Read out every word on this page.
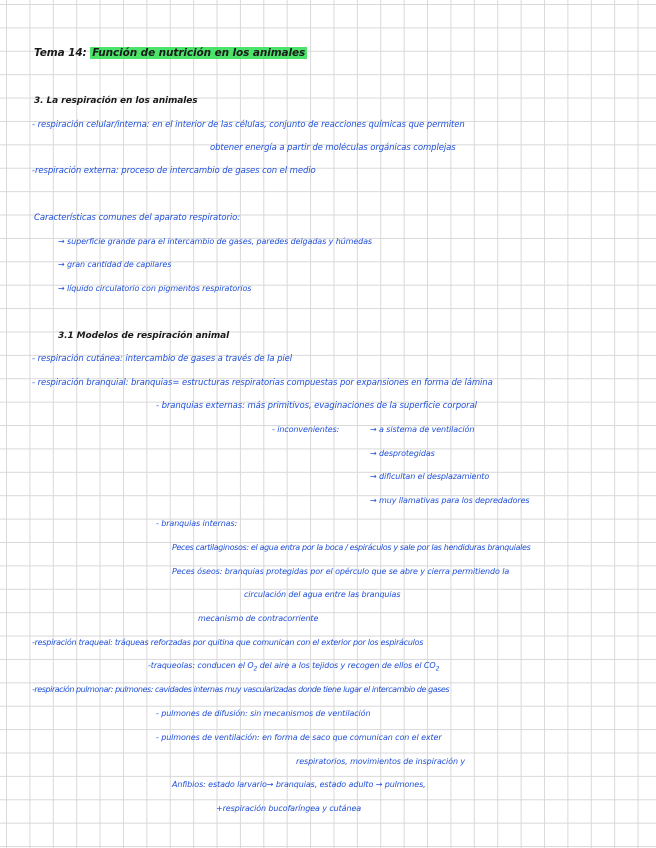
Tema 14: Función de nutrición en los animales
3. La respiración en los animales
- respiración celular/interna: en el interior de las células, conjunto de reacciones químicas que permiten
obtener energía a partir de moléculas orgánicas complejas
-respiración externa: proceso de intercambio de gases con el medio
Características comunes del aparato respiratorio:
→ superficie grande para el intercambio de gases, paredes delgadas y húmedas
→ gran cantidad de capilares
→ líquido circulatorio con pigmentos respiratorios
3.1 Modelos de respiración animal
- respiración cutánea: intercambio de gases a través de la piel
- respiración branquial: branquias= estructuras respiratorias compuestas por expansiones en forma de lámina
- branquias externas: más primitivos, evaginaciones de la superficie corporal
- inconvenientes:	→ a sistema de ventilación
→ desprotegidas
→ dificultan el desplazamiento
→ muy llamativas para los depredadores
- branquias internas:
Peces cartilaginosos: el agua entra por la boca / espiráculos y sale por las hendiduras branquiales
Peces óseos: branquias protegidas por el opérculo que se abre y cierra permitiendo la
circulación del agua entre las branquias
mecanismo de contracorriente
-respiración traqueal: tráqueas reforzadas por quitina que comunican con el exterior por los espiráculos
-traqueolas: conducen el $O_2$ del aire a los tejidos y recogen de ellos el $CO_2$
-respiración pulmonar: pulmones: cavidades internas muy vascularizadas donde tiene lugar el intercambio de gases
- pulmones de difusión: sin mecanismos de ventilación
- pulmones de ventilación: en forma de saco que comunican con el exter
respiratorios, movimientos de inspiración y
Anfibios: estado larvario→ branquias, estado adulto → pulmones,
+respiración bucofaríngea y cutánea
